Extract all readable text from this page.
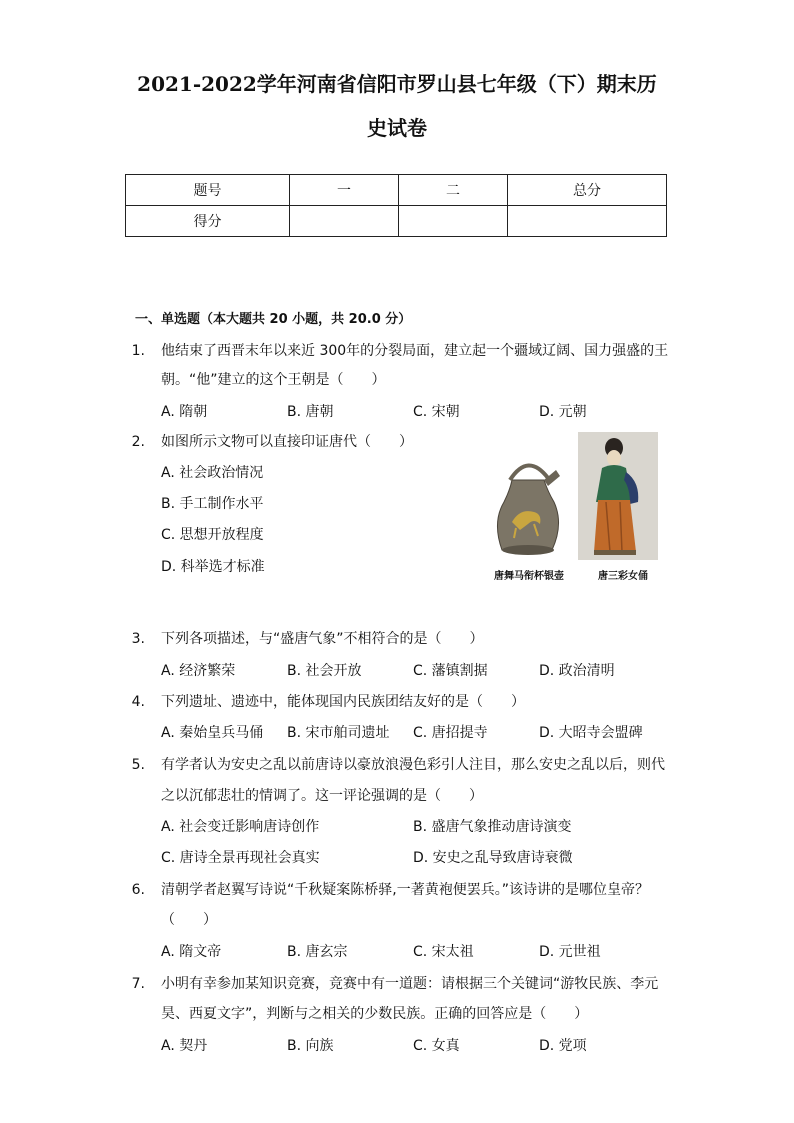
2021-2022学年河南省信阳市罗山县七年级（下）期末历
史试卷
题号	一	二	总分
得分			
一、单选题（本大题共 20 小题，共 20.0 分）
1. 他结束了西晋末年以来近 300年的分裂局面，建立起一个疆域辽阔、国力强盛的王
朝。“他”建立的这个王朝是（　　）
A. 隋朝	B. 唐朝	C. 宋朝	D. 元朝
2. 如图所示文物可以直接印证唐代（　　）
A. 社会政治情况
B. 手工制作水平
C. 思想开放程度
D. 科举选才标准
唐舞马衔杯银壶	唐三彩女俑
3. 下列各项描述，与“盛唐气象”不相符合的是（　　）
A. 经济繁荣	B. 社会开放	C. 藩镇割据	D. 政治清明
4. 下列遗址、遗迹中，能体现国内民族团结友好的是（　　）
A. 秦始皇兵马俑 B. 宋市舶司遗址 C. 唐招提寺	D. 大昭寺会盟碑
5. 有学者认为安史之乱以前唐诗以豪放浪漫色彩引人注目，那么安史之乱以后，则代
之以沉郁悲壮的情调了。这一评论强调的是（　　）
A. 社会变迁影响唐诗创作	B. 盛唐气象推动唐诗演变
C. 唐诗全景再现社会真实	D. 安史之乱导致唐诗衰微
6. 清朝学者赵翼写诗说“千秋疑案陈桥驿,一著黄袍便罢兵。”该诗讲的是哪位皇帝？
（　　）
A. 隋文帝	B. 唐玄宗	C. 宋太祖	D. 元世祖
7. 小明有幸参加某知识竞赛，竞赛中有一道题：请根据三个关键词“游牧民族、李元
昊、西夏文字”，判断与之相关的少数民族。正确的回答应是（　　）
A. 契丹	B. 向族	C. 女真	D. 党项
